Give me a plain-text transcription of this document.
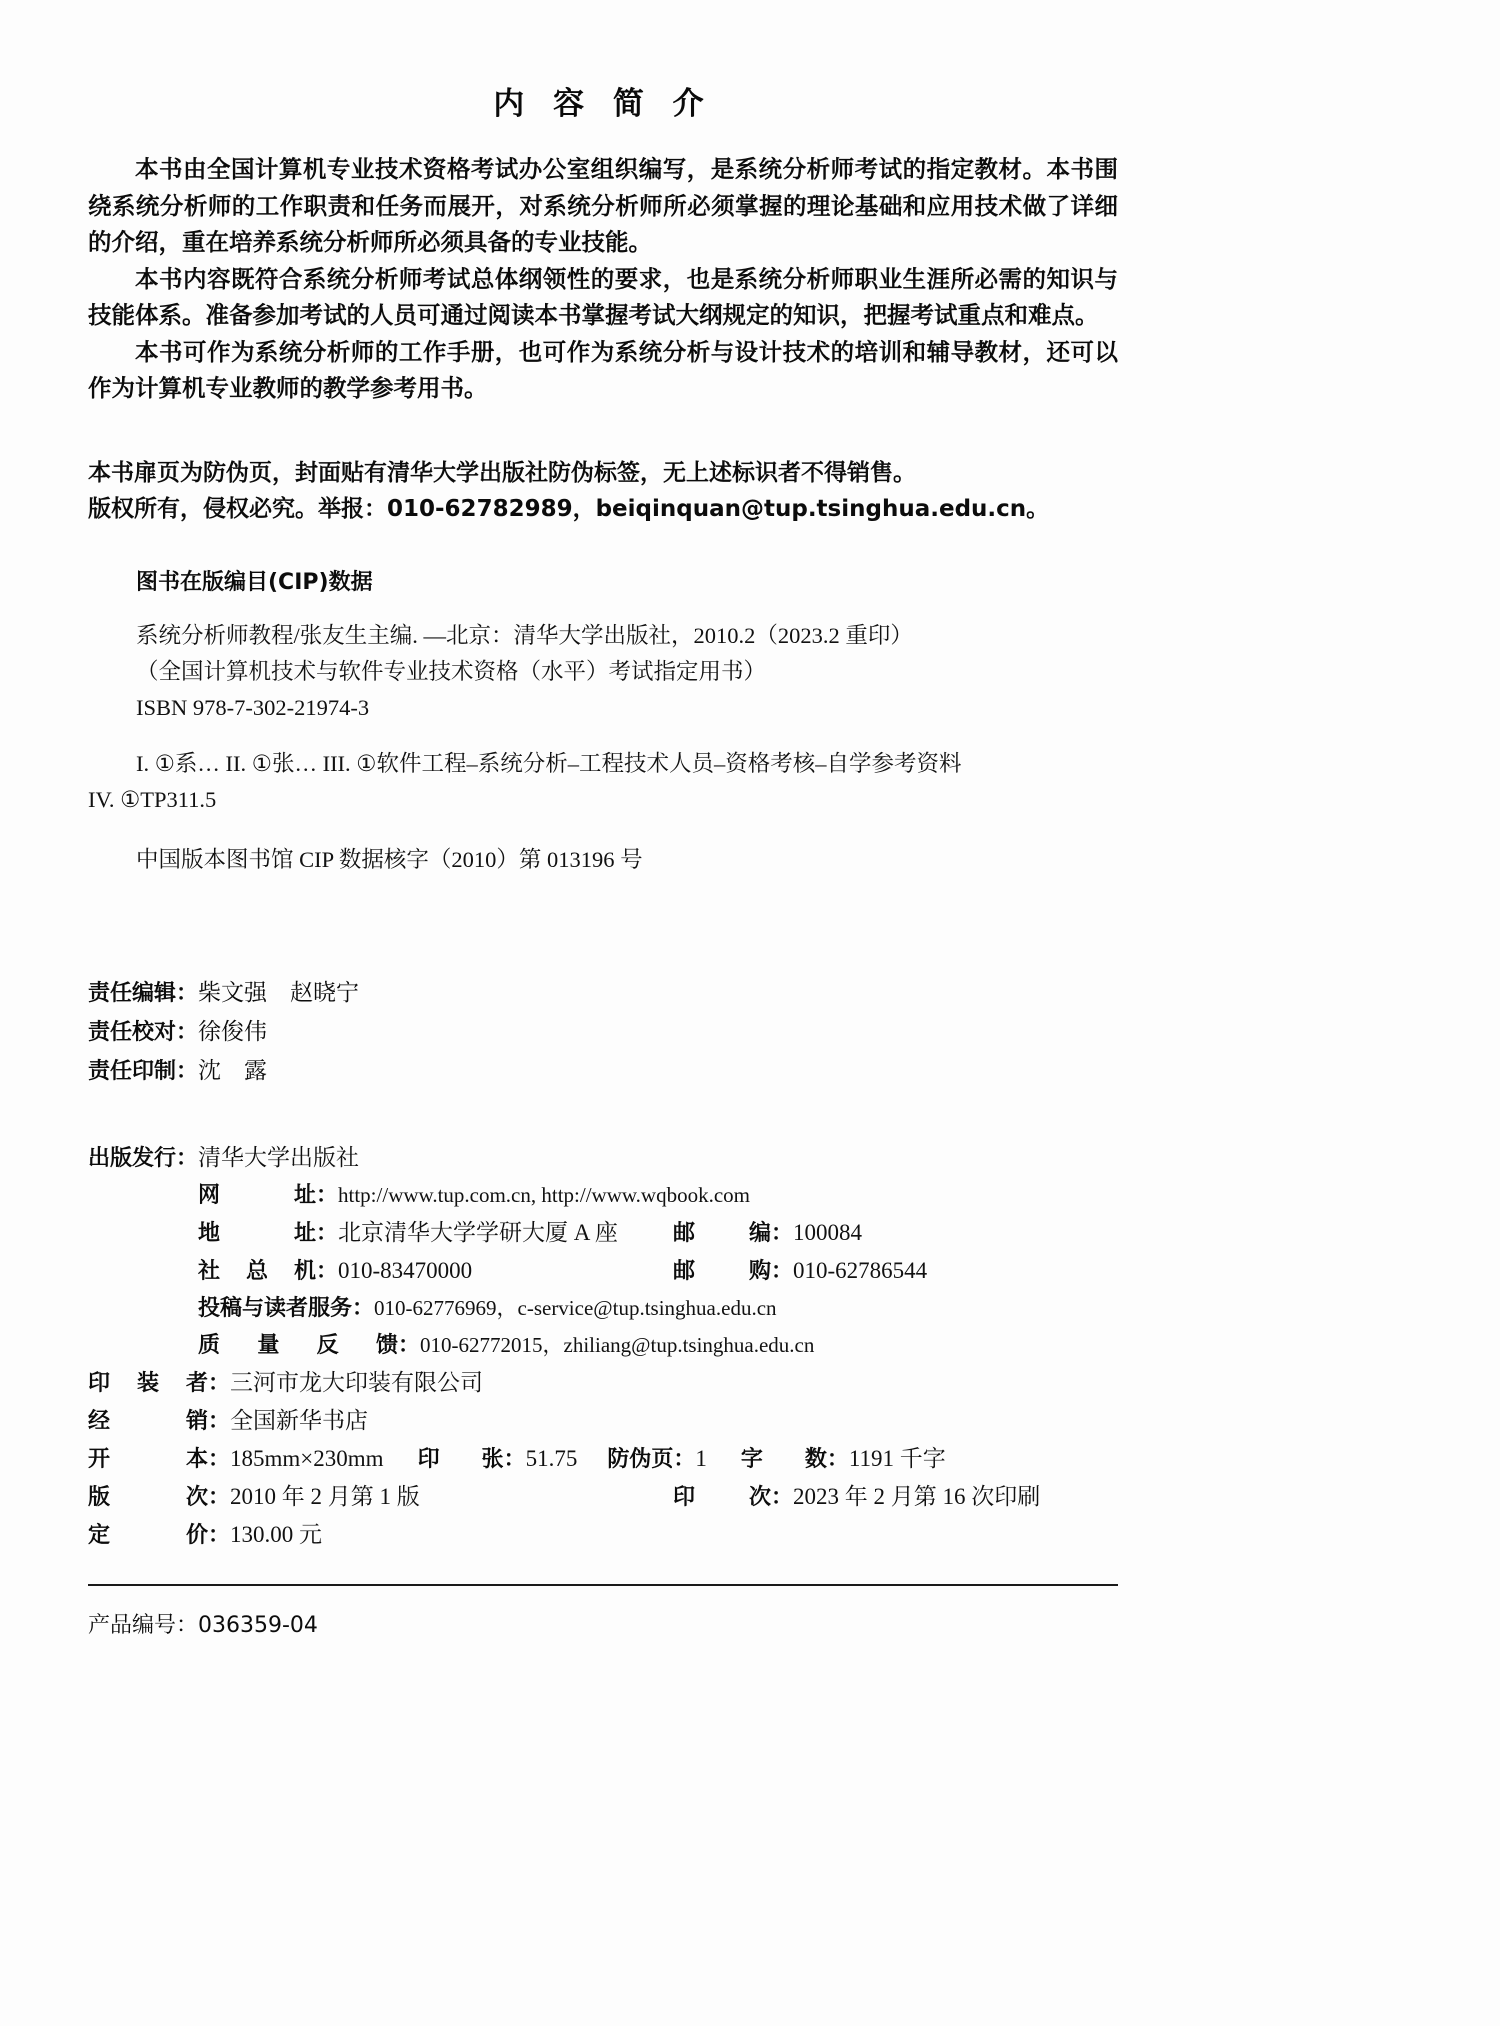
内 容 简 介

本书由全国计算机专业技术资格考试办公室组织编写，是系统分析师考试的指定教材。本书围绕系统分析师的工作职责和任务而展开，对系统分析师所必须掌握的理论基础和应用技术做了详细的介绍，重在培养系统分析师所必须具备的专业技能。

本书内容既符合系统分析师考试总体纲领性的要求，也是系统分析师职业生涯所必需的知识与技能体系。准备参加考试的人员可通过阅读本书掌握考试大纲规定的知识，把握考试重点和难点。

本书可作为系统分析师的工作手册，也可作为系统分析与设计技术的培训和辅导教材，还可以作为计算机专业教师的教学参考用书。

本书扉页为防伪页，封面贴有清华大学出版社防伪标签，无上述标识者不得销售。
版权所有，侵权必究。举报：010-62782989，beiqinquan@tup.tsinghua.edu.cn。
图书在版编目(CIP)数据
系统分析师教程/张友生主编. —北京：清华大学出版社，2010.2（2023.2 重印）
（全国计算机技术与软件专业技术资格（水平）考试指定用书）
ISBN 978-7-302-21974-3
I. ①系… II. ①张… III. ①软件工程–系统分析–工程技术人员–资格考核–自学参考资料
IV. ①TP311.5
中国版本图书馆 CIP 数据核字（2010）第 013196 号
责任编辑：柴文强　赵晓宁
责任校对：徐俊伟
责任印制：沈　露
出版发行： 清华大学出版社
网	址 ： http://www.tup.com.cn, http://www.wqbook.com
地	址 ： 北京清华大学学研大厦 A 座	邮 编 ： 100084
社 总 机 ： 010-83470000	邮 购 ： 010-62786544
投稿与读者服务： 010-62776969，c-service@tup.tsinghua.edu.cn
质 量 反 馈 ： 010-62772015，zhiliang@tup.tsinghua.edu.cn
印 装 者 ： 三河市龙大印装有限公司
经	销 ： 全国新华书店
开	本 ： 185mm×230mm 印 张 ： 51.75 防伪页： 1 字 数 ： 1191 千字
版	次 ： 2010 年 2 月第 1 版	印 次 ： 2023 年 2 月第 16 次印刷
定	价 ： 130.00 元
产品编号：036359-04
